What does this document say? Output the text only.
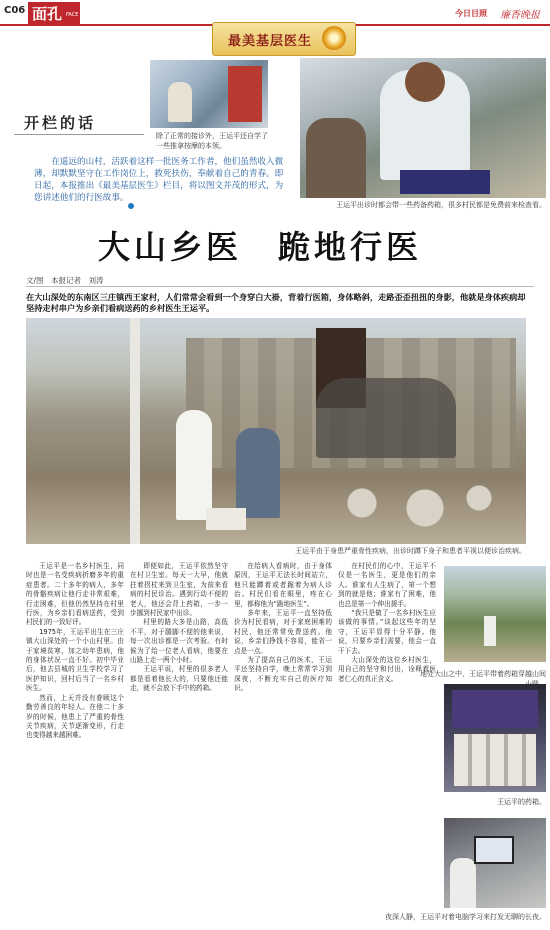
C06 面孔 FACE	今日目照 廉香晚报
最美基层医生
除了正常的接诊外，王运平还自学了一些推拿按摩的本领。
王运平出诊时都会带一些药备药箱，很多村民都是免费前来检查看。
开栏的话
在遥远的山村，活跃着这样一批医务工作者，他们虽然收入微薄，却默默坚守在工作岗位上，救死扶伤，奉献着自己的青春。即日起，本报推出《最美基层医生》栏目，将以图文并茂的形式，为您讲述他们的行医故事。
大山乡医　跪地行医
文/图　本报记者　刘涛
在大山深处的东南区三庄镇西王家村，人们常常会看到一个身穿白大褂，背着行医箱，身体略斜，走路歪歪扭扭的身影，他就是身体疾病却坚持走村串户为乡亲们看病送药的乡村医生王运平。
王运平由于身患严重骨性疾病，出诊时蹲下身子和患者平视以便诊治疾病。

王运平是一名乡村医生，同时也是一名受疾病折磨多年的重症患者。二十多年的病人，多年的骨骼疾病让他行走非常艰难，行走困难，但他仍然坚持在村里行医，为乡亲们看病送药，受到村民们的一致好评。

1975年，王运平出生在三庄镇大山深处的一个小山村里。由于家境贫寒，加之幼年患病，他的身体状况一直不好。初中毕业后，他去县城的卫生学校学习了医护知识，回村后当了一名乡村医生。

然而，上天并没有眷顾这个勤劳善良的年轻人。在他二十多岁的时候，他患上了严重的骨性关节疾病，关节逐渐变形，行走也变得越来越困难。

即便如此，王运平依然坚守在村卫生室。每天一大早，他就拄着拐杖来到卫生室，为前来看病的村民诊治。遇到行动不便的老人，他还会背上药箱，一步一步挪到村民家中出诊。

村里的路大多是山路，高低不平，对于腿脚不便的他来说，每一次出诊都是一次考验。有时候为了给一位老人看病，他要在山路上走一两个小时。

王运平说，村里的很多老人都是看着他长大的，只要他还能走，就不会放下手中的药箱。

在给病人看病时，由于身体原因，王运平无法长时间站立，他只能蹲着或者跪着为病人诊治。村民们看在眼里，疼在心里，都称他为“跪地医生”。

多年来，王运平一直坚持低价为村民看病，对于家庭困难的村民，他还常常免费送药。他说，乡亲们挣钱不容易，能省一点是一点。

为了提高自己的医术，王运平还坚持自学，晚上常常学习到深夜，不断充实自己的医疗知识。

在村民们的心中，王运平不仅是一名医生，更是他们的亲人。谁家有人生病了，第一个想到的就是他；谁家有了困难，他也总是第一个伸出援手。

“我只是做了一名乡村医生应该做的事情。”谈起这些年的坚守，王运平显得十分平静。他说，只要乡亲们需要，他会一直干下去。

大山深处的这位乡村医生，用自己的坚守和付出，诠释着医者仁心的真正含义。

地处大山之中，王运平带着药箱穿越山间
王运平的药箱。
夜深人静，王运平对着电脑学习来打发无聊的长夜。
